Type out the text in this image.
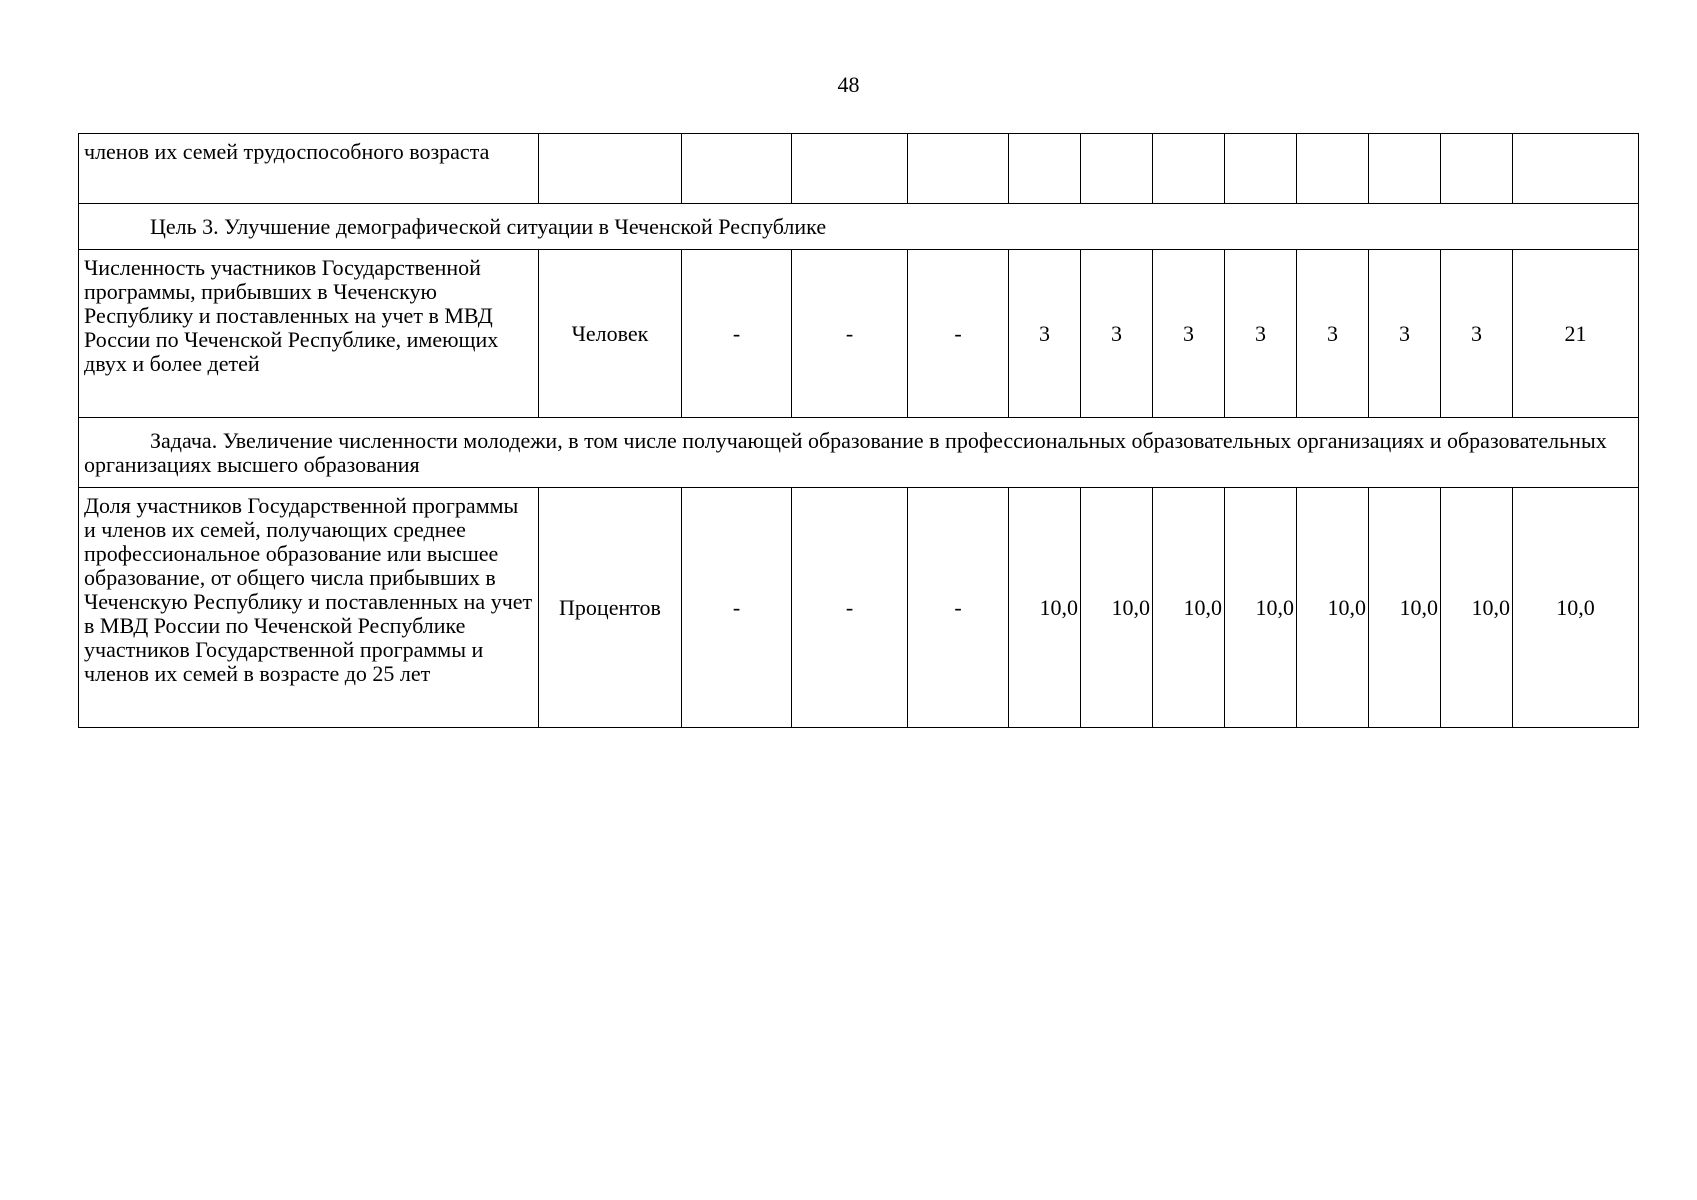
48
членов их семей трудоспособного возраста												
Цель 3. Улучшение демографической ситуации в Чеченской Республике												
Численность участников Государственной программы, прибывших в Чеченскую Республику и поставленных на учет в МВД России по Чеченской Республике, имеющих двух и более детей	Человек	-	-	-	3	3	3	3	3	3	3	21
Задача. Увеличение численности молодежи, в том числе получающей образование в профессиональных образовательных организациях и образовательных организациях высшего образования												
Доля участников Государственной программы и членов их семей, получающих среднее профессиональное образование или высшее образование, от общего числа прибывших в Чеченскую Республику и поставленных на учет в МВД России по Чеченской Республике участников Государственной программы и членов их семей в возрасте до 25 лет	Процентов	-	-	-	10,0	10,0	10,0	10,0	10,0	10,0	10,0	10,0
